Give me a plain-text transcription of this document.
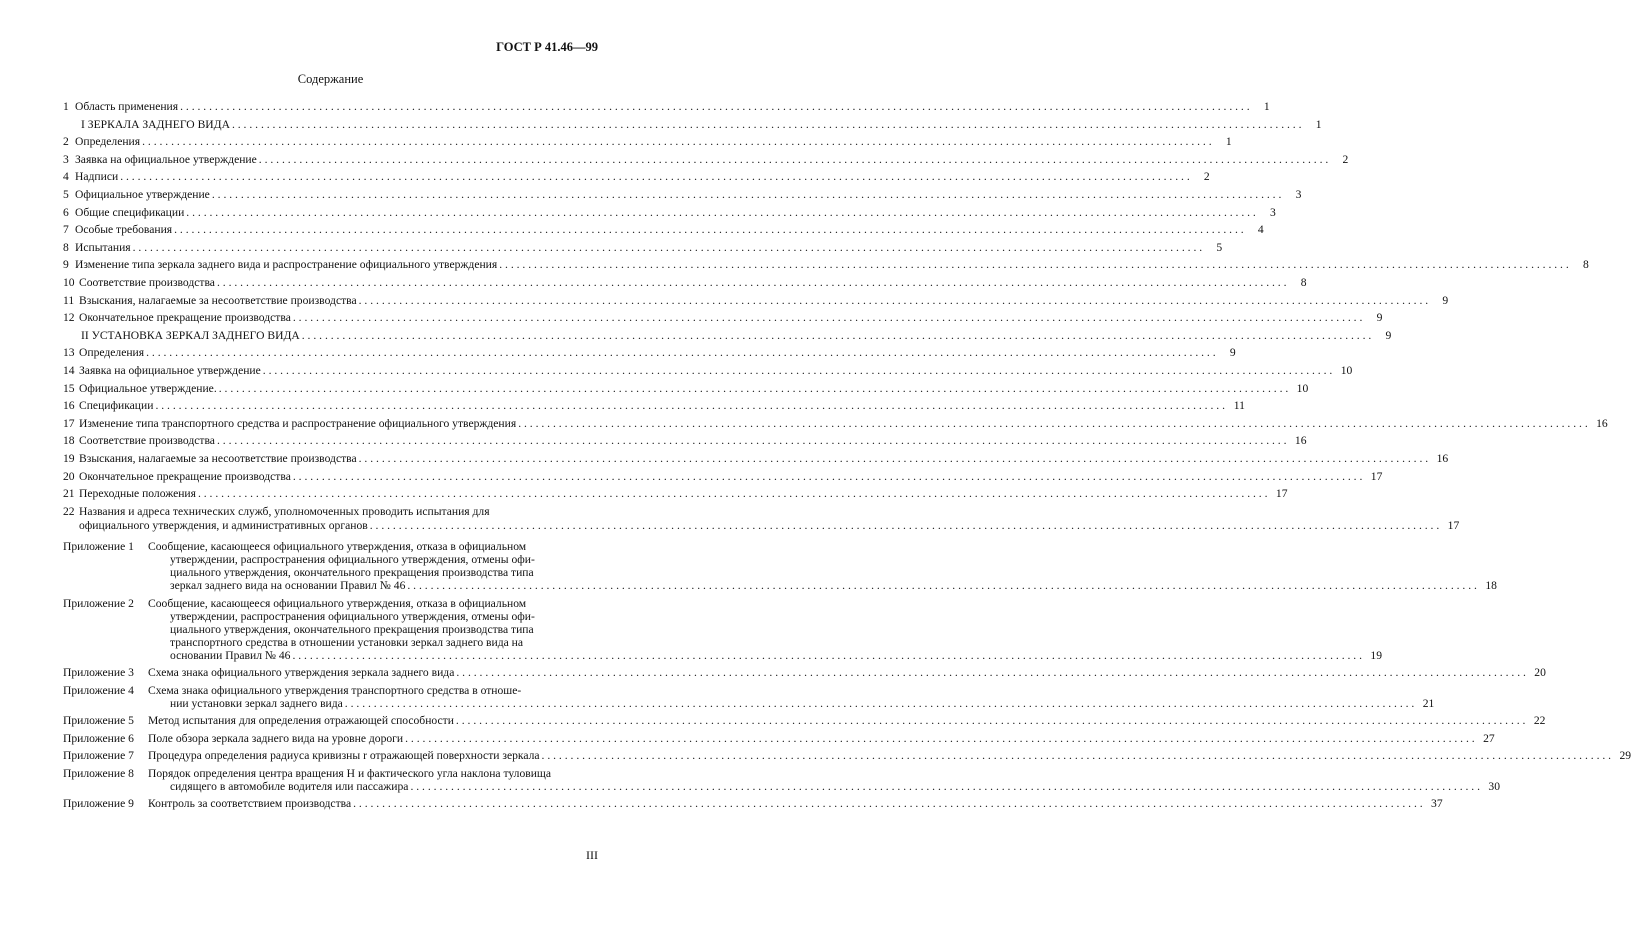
ГОСТ Р 41.46—99
Содержание
1 Область применения . . .	1
I ЗЕРКАЛА ЗАДНЕГО ВИДА . . .	1
2 Определения . . .	1
3 Заявка на официальное утверждение . . .	2
4 Надписи . . .	2
5 Официальное утверждение . . .	3
6 Общие спецификации . . .	3
7 Особые требования . . .	4
8 Испытания . . .	5
9 Изменение типа зеркала заднего вида и распространение официального утверждения . . .	8
10 Соответствие производства . . .	8
11 Взыскания, налагаемые за несоответствие производства . . .	9
12 Окончательное прекращение производства . . .	9
II УСТАНОВКА ЗЕРКАЛ ЗАДНЕГО ВИДА . . .	9
13 Определения . . .	9
14 Заявка на официальное утверждение . . .	10
15 Официальное утверждение. . . .	10
16 Спецификации . . .	11
17 Изменение типа транспортного средства и распространение официального утверждения . . .	16
18 Соответствие производства . . .	16
19 Взыскания, налагаемые за несоответствие производства . . .	16
20 Окончательное прекращение производства . . .	17
21 Переходные положения . . .	17
22 Названия и адреса технических служб, уполномоченных проводить испытания для
официального утверждения, и административных органов . . .	17
Приложение 1 Сообщение, касающееся официального утверждения, отказа в официальном
утверждении, распространения официального утверждения, отмены офи-
циального утверждения, окончательного прекращения производства типа
зеркал заднего вида на основании Правил № 46 . . .	18
Приложение 2 Сообщение, касающееся официального утверждения, отказа в официальном
утверждении, распространения официального утверждения, отмены офи-
циального утверждения, окончательного прекращения производства типа
транспортного средства в отношении установки зеркал заднего вида на
основании Правил № 46 . . .	19
Приложение 3 Схема знака официального утверждения зеркала заднего вида . . .	20
Приложение 4 Схема знака официального утверждения транспортного средства в отноше-
нии установки зеркал заднего вида . . .	21
Приложение 5 Метод испытания для определения отражающей способности . . .	22
Приложение 6 Поле обзора зеркала заднего вида на уровне дороги . . .	27
Приложение 7 Процедура определения радиуса кривизны r отражающей поверхности зеркала . . .	29
Приложение 8 Порядок определения центра вращения H и фактического угла наклона туловища
сидящего в автомобиле водителя или пассажира . . .	30
Приложение 9 Контроль за соответствием производства . . .	37
III
